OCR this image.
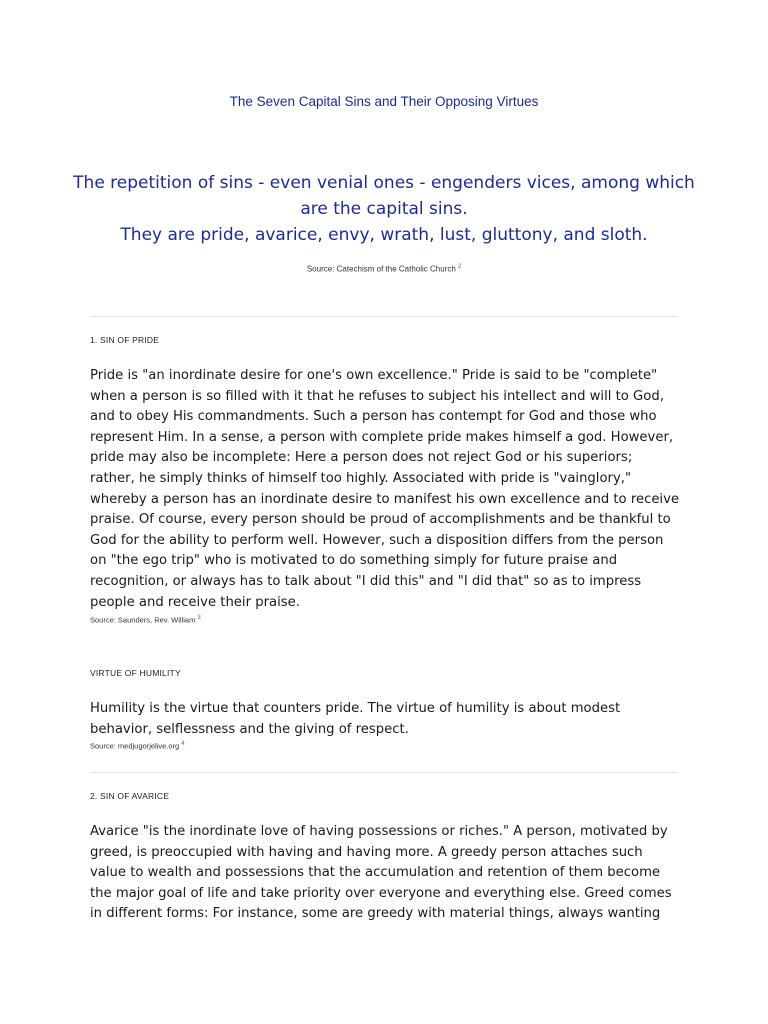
The Seven Capital Sins and Their Opposing Virtues
The repetition of sins - even venial ones - engenders vices, among which
are the capital sins.
They are pride, avarice, envy, wrath, lust, gluttony, and sloth.
Source: Catechism of the Catholic Church $^2$
1. SIN OF PRIDE
Pride is "an inordinate desire for one's own excellence." Pride is said to be "complete"
when a person is so filled with it that he refuses to subject his intellect and will to God,
and to obey His commandments. Such a person has contempt for God and those who
represent Him. In a sense, a person with complete pride makes himself a god. However,
pride may also be incomplete: Here a person does not reject God or his superiors;
rather, he simply thinks of himself too highly. Associated with pride is "vainglory,"
whereby a person has an inordinate desire to manifest his own excellence and to receive
praise. Of course, every person should be proud of accomplishments and be thankful to
God for the ability to perform well. However, such a disposition differs from the person
on "the ego trip" who is motivated to do something simply for future praise and
recognition, or always has to talk about "I did this" and "I did that" so as to impress
people and receive their praise.
Source: Saunders, Rev. William $^3$
VIRTUE OF HUMILITY
Humility is the virtue that counters pride. The virtue of humility is about modest
behavior, selflessness and the giving of respect.
Source: medjugorjelive.org $^4$
2. SIN OF AVARICE
Avarice "is the inordinate love of having possessions or riches." A person, motivated by
greed, is preoccupied with having and having more. A greedy person attaches such
value to wealth and possessions that the accumulation and retention of them become
the major goal of life and take priority over everyone and everything else. Greed comes
in different forms: For instance, some are greedy with material things, always wanting
